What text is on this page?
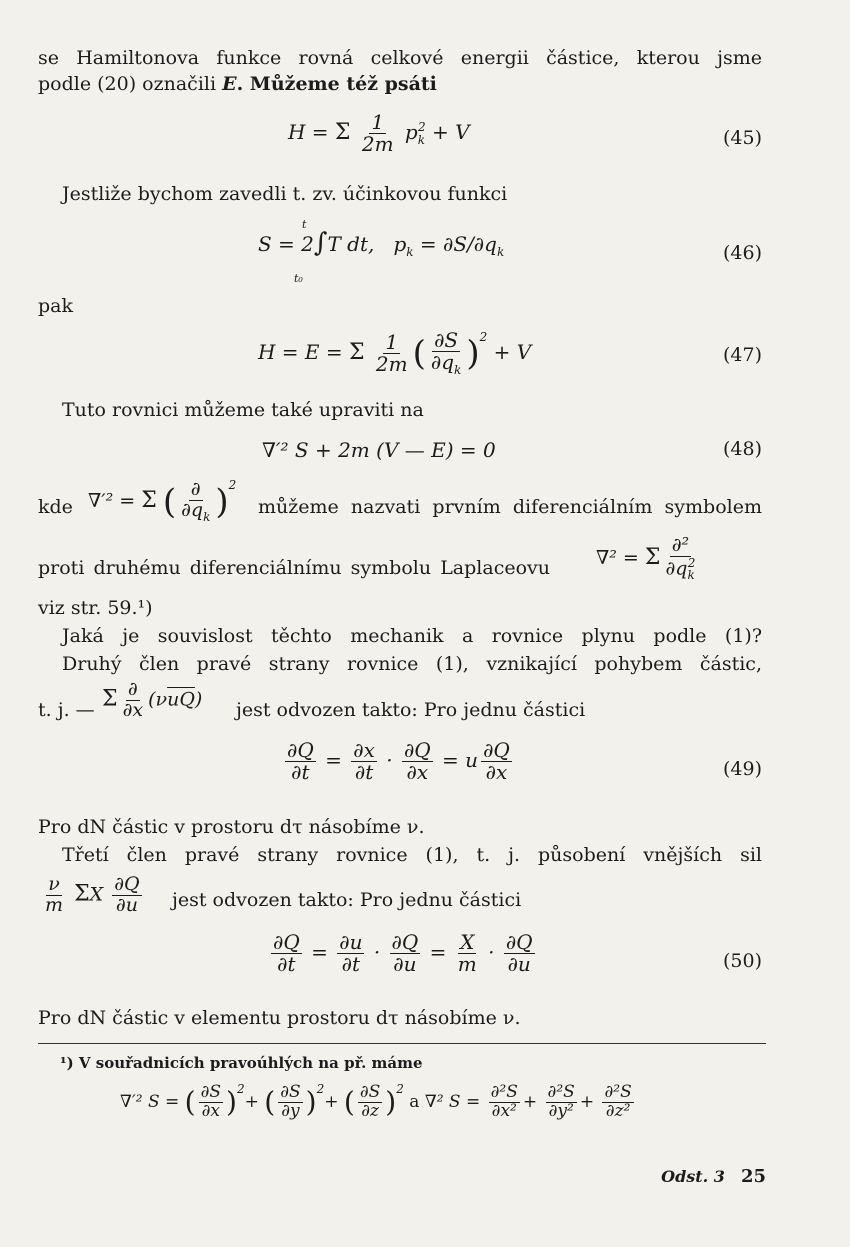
se Hamiltonova funkce rovná celkové energii částice, kterou jsme
podle (20) označili E. Můžeme též psáti
H = Σ $\frac{1}{2m} p_k^2 + V$	(45)
Jestliže bychom zavedli t. zv. účinkovou funkci
S = 2∫T dt,   $p_k = \partial S/\partial q_k$
t
t₀
(46)
pak
H = E = Σ $\frac{1}{2m}$ ( $\frac{\partial S}{\partial q_k} )^2 + V$	(47)
Tuto rovnici můžeme také upraviti na
∇′² S + 2m (V — E) = 0	(48)
kde ∇′² = Σ ( $\frac{\partial}{\partial q_k} )^2$
můžeme nazvati prvním diferenciálním symbolem
proti druhému diferenciálnímu symbolu Laplaceovu ∇² = Σ $\frac{\text{∂²}}{\partial q_k^2}$
viz str. 59.¹)
Jaká je souvislost těchto mechanik a rovnice plynu podle (1)?
Druhý člen pravé strany rovnice (1), vznikající pohybem částic,
t. j. — Σ $\frac{\partial}{\partial x} (\nu\overline{uQ})$ jest odvozen takto: Pro jednu částici
$\frac{\partial Q}{\partial t} = \frac{\partial x}{\partial t} \cdot \frac{\partial Q}{\partial x} = u \frac{\partial Q}{\partial x}$	(49)
Pro dN částic v prostoru dτ násobíme ν.
Třetí člen pravé strany rovnice (1), t. j. působení vnějších sil
$\frac{\nu}{m}$ ΣX $\frac{\partial Q}{\partial u}$ jest odvozen takto: Pro jednu částici
$\frac{\partial Q}{\partial t} = \frac{\partial u}{\partial t} \cdot \frac{\partial Q}{\partial u} = \frac{X}{m} \cdot \frac{\partial Q}{\partial u}$	(50)
Pro dN částic v elementu prostoru dτ násobíme ν.
¹) V souřadnicích pravoúhlých na př. máme
∇′² S = ( $\frac{\partial S}{\partial x} )^2+$ ( $\frac{\partial S}{\partial y} )^2+$ ( $\frac{\partial S}{\partial z} )^2$ a ∇² $S = \frac{\text{∂²S}}{\text{∂x²}} + \frac{\text{∂²S}}{\text{∂y²}} + \frac{\text{∂²S}}{\text{∂z²}}$
Odst. 3 25
